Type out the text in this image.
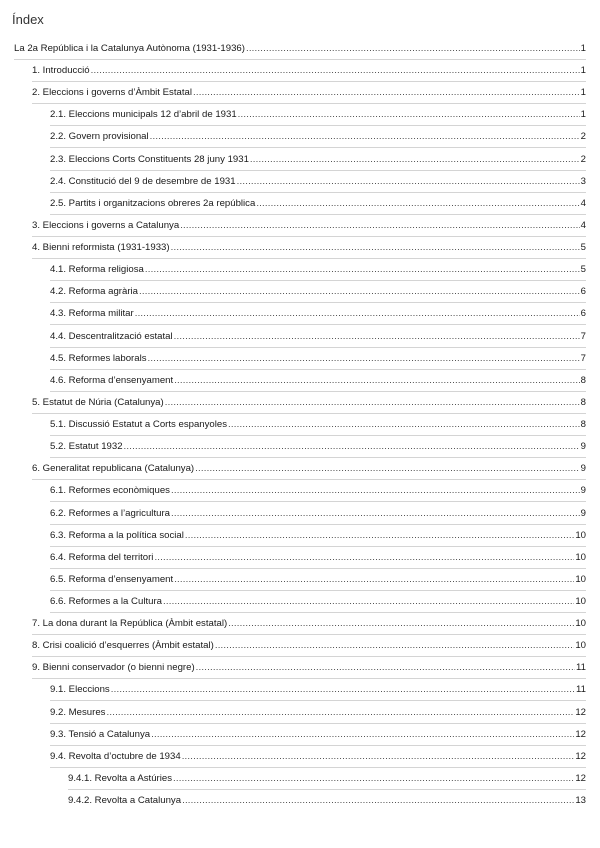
Índex
La 2a República i la Catalunya Autònoma (1931-1936) .....	1
1. Introducció .....	1
2. Eleccions i governs d’Àmbit Estatal .....	1
2.1. Eleccions municipals 12 d’abril de 1931 .....	1
2.2. Govern provisional .....	2
2.3. Eleccions Corts Constituents 28 juny 1931 .....	2
2.4. Constitució del 9 de desembre de 1931 .....	3
2.5. Partits i organitzacions obreres 2a república .....	4
3. Eleccions i governs a Catalunya .....	4
4. Bienni reformista (1931-1933) .....	5
4.1. Reforma religiosa .....	5
4.2. Reforma agrària .....	6
4.3. Reforma militar .....	6
4.4. Descentralització estatal .....	7
4.5. Reformes laborals .....	7
4.6. Reforma d’ensenyament .....	8
5. Estatut de Núria (Catalunya) .....	8
5.1. Discussió Estatut a Corts espanyoles .....	8
5.2. Estatut 1932 .....	9
6. Generalitat republicana (Catalunya) .....	9
6.1. Reformes econòmiques .....	9
6.2. Reformes a l’agricultura .....	9
6.3. Reforma a la política social .....	10
6.4. Reforma del territori .....	10
6.5. Reforma d’ensenyament .....	10
6.6. Reformes a la Cultura .....	10
7. La dona durant la República (Àmbit estatal) .....	10
8. Crisi coalició d’esquerres (Àmbit estatal) .....	10
9. Bienni conservador (o bienni negre) .....	11
9.1. Eleccions .....	11
9.2. Mesures .....	12
9.3. Tensió a Catalunya .....	12
9.4. Revolta d’octubre de 1934 .....	12
9.4.1. Revolta a Astúries .....	12
9.4.2. Revolta a Catalunya .....	13
